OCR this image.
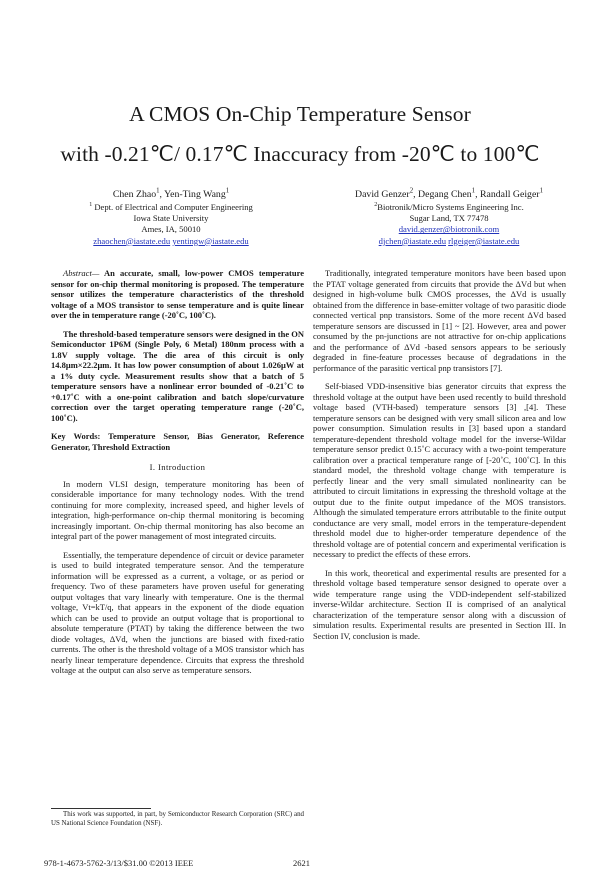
A CMOS On-Chip Temperature Sensor
with -0.21℃/ 0.17℃ Inaccuracy from -20℃ to 100℃
Chen Zhao$^1$, Yen-Ting Wang$^1$
$^1$ Dept. of Electrical and Computer Engineering
Iowa State University
Ames, IA, 50010
zhaochen@iastate.edu yentingw@iastate.edu
David Genzer$^2$, Degang Chen$^1$, Randall Geiger$^1$
$^2$Biotronik/Micro Systems Engineering Inc.
Sugar Land, TX 77478
david.genzer@biotronik.com
djchen@iastate.edu rlgeiger@iastate.edu

Abstract— An accurate, small, low-power CMOS temperature sensor for on-chip thermal monitoring is proposed. The temperature sensor utilizes the temperature characteristics of the threshold voltage of a MOS transistor to sense temperature and is quite linear over the in temperature range (-20˚C, 100˚C).

The threshold-based temperature sensors were designed in the ON Semiconductor 1P6M (Single Poly, 6 Metal) 180nm process with a 1.8V supply voltage. The die area of this circuit is only 14.8μm×22.2μm. It has low power consumption of about 1.026μW at a 1% duty cycle. Measurement results show that a batch of 5 temperature sensors have a nonlinear error bounded of -0.21˚C to +0.17˚C with a one-point calibration and batch slope/curvature correction over the target operating temperature range (-20˚C, 100˚C).

Key Words: Temperature Sensor, Bias Generator, Reference Generator, Threshold Extraction

I. Introduction

In modern VLSI design, temperature monitoring has been of considerable importance for many technology nodes. With the trend continuing for more complexity, increased speed, and higher levels of integration, high-performance on-chip thermal monitoring is becoming increasingly important. On-chip thermal monitoring has also become an integral part of the power management of most integrated circuits.

Essentially, the temperature dependence of circuit or device parameter is used to build integrated temperature sensor. And the temperature information will be expressed as a current, a voltage, or as period or frequency. Two of these parameters have proven useful for generating output voltages that vary linearly with temperature. One is the thermal voltage, Vt=kT/q, that appears in the exponent of the diode equation which can be used to provide an output voltage that is proportional to absolute temperature (PTAT) by taking the difference between the two diode voltages, ΔVd, when the junctions are biased with fixed-ratio currents. The other is the threshold voltage of a MOS transistor which has nearly linear temperature dependence. Circuits that express the threshold voltage at the output can also serve as temperature sensors.

Traditionally, integrated temperature monitors have been based upon the PTAT voltage generated from circuits that provide the ΔVd but when designed in high-volume bulk CMOS processes, the ΔVd is usually obtained from the difference in base-emitter voltage of two parasitic diode connected vertical pnp transistors. Some of the more recent ΔVd based temperature sensors are discussed in [1] ~ [2]. However, area and power consumed by the pn-junctions are not attractive for on-chip applications and the performance of ΔVd -based sensors appears to be seriously degraded in fine-feature processes because of degradations in the performance of the parasitic vertical pnp transistors [7].

Self-biased VDD-insensitive bias generator circuits that express the threshold voltage at the output have been used recently to build threshold voltage based (VTH-based) temperature sensors [3] ,[4]. These temperature sensors can be designed with very small silicon area and low power consumption. Simulation results in [3] based upon a standard temperature-dependent threshold voltage model for the inverse-Wildar temperature sensor predict 0.15˚C accuracy with a two-point temperature calibration over a practical temperature range of [-20˚C, 100˚C]. In this standard model, the threshold voltage change with temperature is perfectly linear and the very small simulated nonlinearity can be attributed to circuit limitations in expressing the threshold voltage at the output due to the finite output impedance of the MOS transistors. Although the simulated temperature errors attributable to the finite output conductance are very small, model errors in the temperature-dependent threshold model due to higher-order temperature dependence of the threshold voltage are of potential concern and experimental verification is necessary to predict the effects of these errors.

In this work, theoretical and experimental results are presented for a threshold voltage based temperature sensor designed to operate over a wide temperature range using the VDD-independent self-stabilized inverse-Wildar architecture. Section II is comprised of an analytical characterization of the temperature sensor along with a discussion of simulation results. Experimental results are presented in Section III. In Section IV, conclusion is made.

This work was supported, in part, by Semiconductor Research Corporation (SRC) and US National Science Foundation (NSF).

978-1-4673-5762-3/13/$31.00 ©2013 IEEE	2621
